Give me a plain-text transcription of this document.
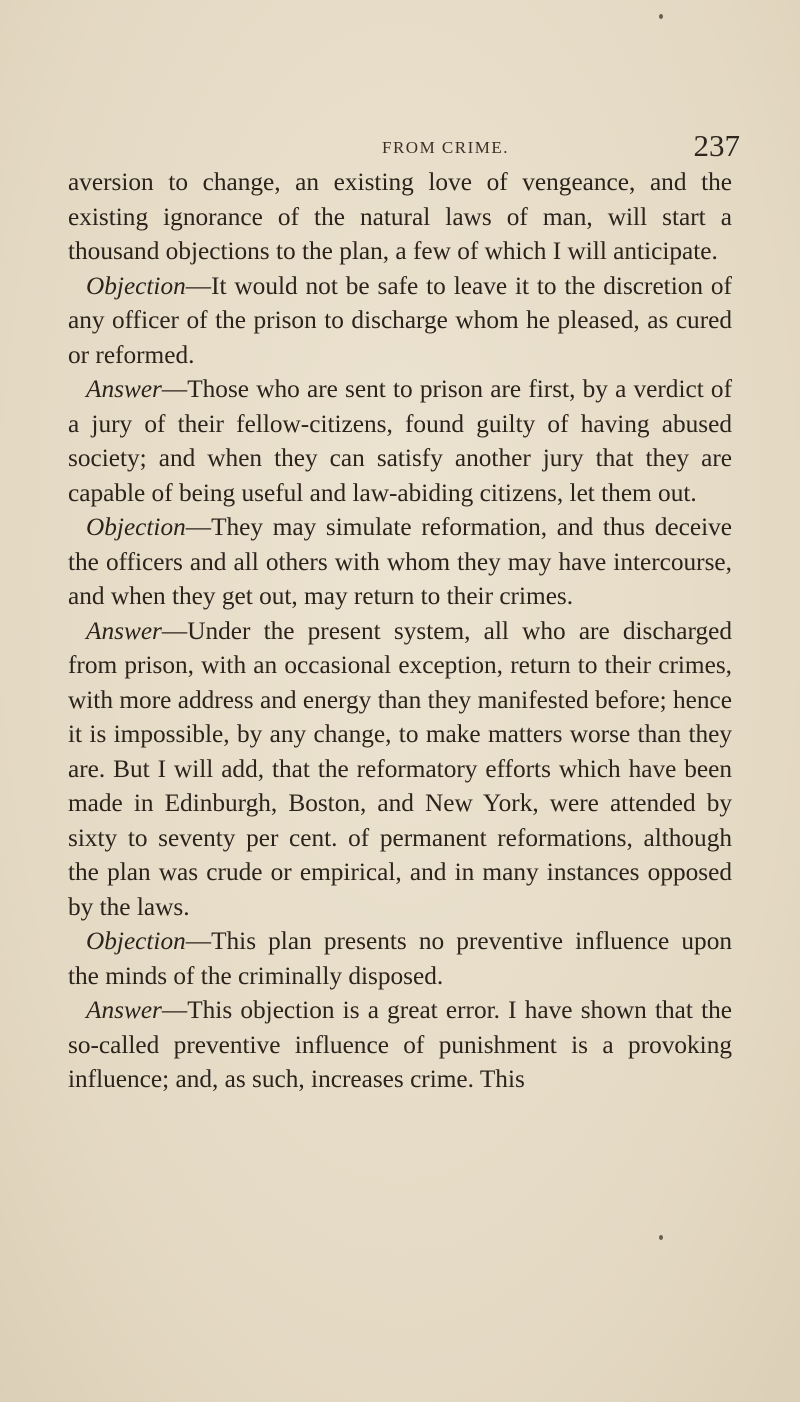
FROM CRIME.	237

aversion to change, an existing love of vengeance, and the existing ignorance of the natural laws of man, will start a thousand objections to the plan, a few of which I will anticipate.

Objection—It would not be safe to leave it to the discretion of any officer of the prison to discharge whom he pleased, as cured or reformed.

Answer—Those who are sent to prison are first, by a verdict of a jury of their fellow-citizens, found guilty of having abused society; and when they can satisfy another jury that they are capable of being useful and law-abiding citizens, let them out.

Objection—They may simulate reformation, and thus deceive the officers and all others with whom they may have intercourse, and when they get out, may return to their crimes.

Answer—Under the present system, all who are discharged from prison, with an occasional exception, return to their crimes, with more address and energy than they manifested before; hence it is impossible, by any change, to make matters worse than they are. But I will add, that the reformatory efforts which have been made in Edinburgh, Boston, and New York, were attended by sixty to seventy per cent. of permanent reformations, although the plan was crude or empirical, and in many instances opposed by the laws.

Objection—This plan presents no preventive influence upon the minds of the criminally disposed.

Answer—This objection is a great error. I have shown that the so-called preventive influence of punishment is a provoking influence; and, as such, increases crime. This
